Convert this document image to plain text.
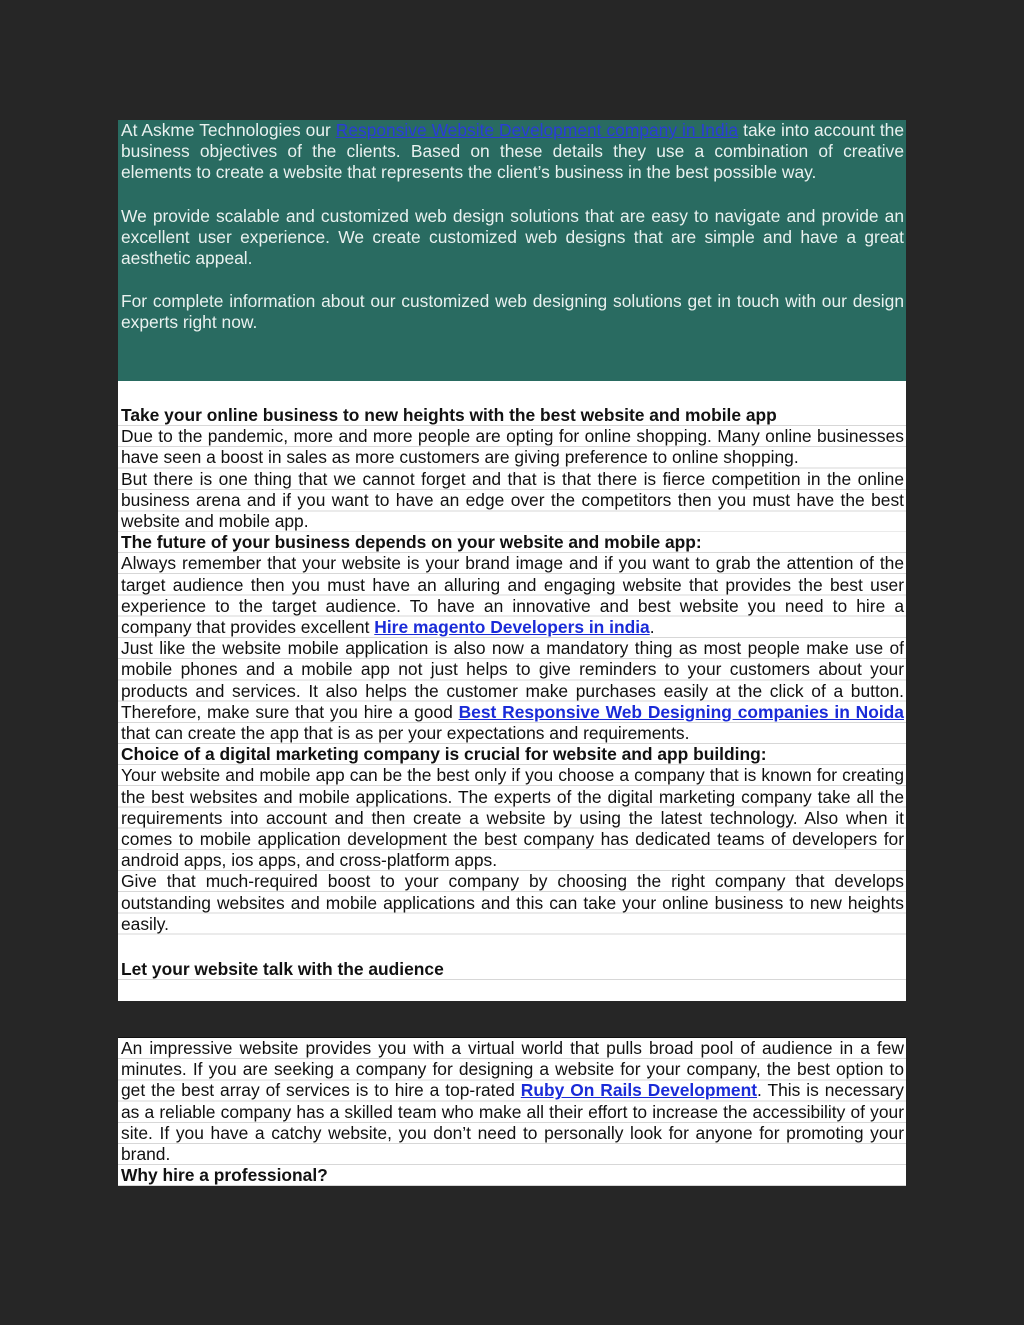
At Askme Technologies our Responsive Website Development company in India take into account the business objectives of the clients. Based on these details they use a combination of creative elements to create a website that represents the client’s business in the best possible way.

We provide scalable and customized web design solutions that are easy to navigate and provide an excellent user experience. We create customized web designs that are simple and have a great aesthetic appeal.

For complete information about our customized web designing solutions get in touch with our design experts right now.

Take your online business to new heights with the best website and mobile app

Due to the pandemic, more and more people are opting for online shopping. Many online businesses have seen a boost in sales as more customers are giving preference to online shopping.

But there is one thing that we cannot forget and that is that there is fierce competition in the online business arena and if you want to have an edge over the competitors then you must have the best website and mobile app.

The future of your business depends on your website and mobile app:

Always remember that your website is your brand image and if you want to grab the attention of the target audience then you must have an alluring and engaging website that provides the best user experience to the target audience. To have an innovative and best website you need to hire a company that provides excellent Hire magento Developers in india.

Just like the website mobile application is also now a mandatory thing as most people make use of mobile phones and a mobile app not just helps to give reminders to your customers about your products and services. It also helps the customer make purchases easily at the click of a button. Therefore, make sure that you hire a good Best Responsive Web Designing companies in Noida that can create the app that is as per your expectations and requirements.

Choice of a digital marketing company is crucial for website and app building:

Your website and mobile app can be the best only if you choose a company that is known for creating the best websites and mobile applications. The experts of the digital marketing company take all the requirements into account and then create a website by using the latest technology. Also when it comes to mobile application development the best company has dedicated teams of developers for android apps, ios apps, and cross-platform apps.

Give that much-required boost to your company by choosing the right company that develops outstanding websites and mobile applications and this can take your online business to new heights easily.

Let your website talk with the audience

An impressive website provides you with a virtual world that pulls broad pool of audience in a few minutes. If you are seeking a company for designing a website for your company, the best option to get the best array of services is to hire a top-rated Ruby On Rails Development. This is necessary as a reliable company has a skilled team who make all their effort to increase the accessibility of your site. If you have a catchy website, you don’t need to personally look for anyone for promoting your brand.

Why hire a professional?
